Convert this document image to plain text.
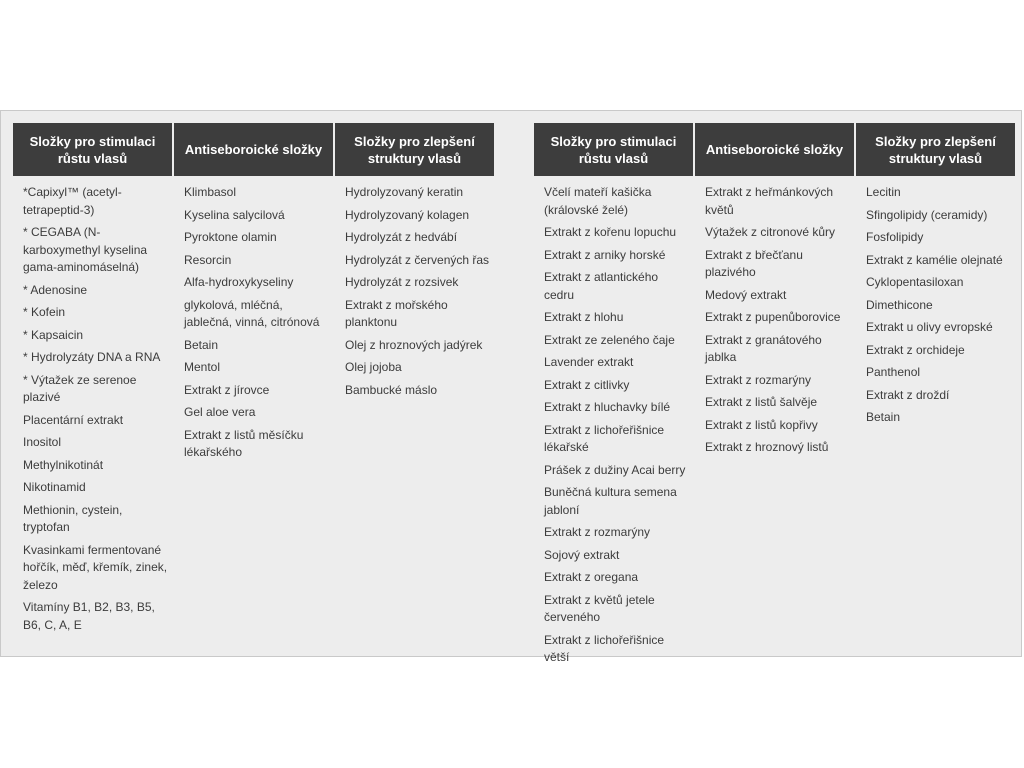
Složky pro stimulaci růstu vlasů
*Capixyl™ (acetyl-tetrapeptid-3)
* CEGABA (N-karboxymethyl kyselina gama-aminomáselná)
* Adenosine
* Kofein
* Kapsaicin
* Hydrolyzáty DNA a RNA
* Výtažek ze serenoe plazivé
Placentární extrakt
Inositol
Methylnikotinát
Nikotinamid
Methionin, cystein, tryptofan
Kvasinkami fermentované hořčík, měď, křemík, zinek, železo
Vitamíny B1, B2, B3, B5, B6, C, A, E
Antiseboroické složky
Klimbasol
Kyselina salycilová
Pyroktone olamin
Resorcin
Alfa-hydroxykyseliny
glykolová, mléčná, jablečná, vinná, citrónová
Betain
Mentol
Extrakt z jírovce
Gel aloe vera
Extrakt z listů měsíčku lékařského
Složky pro zlepšení struktury vlasů
Hydrolyzovaný keratin
Hydrolyzovaný kolagen
Hydrolyzát z hedvábí
Hydrolyzát z červených řas
Hydrolyzát z rozsivek
Extrakt z mořského planktonu
Olej z hroznových jadýrek
Olej jojoba
Bambucké máslo
Složky pro stimulaci růstu vlasů
Včelí mateří kašička (královské želé)
Extrakt z kořenu lopuchu
Extrakt z arniky horské
Extrakt z atlantického cedru
Extrakt z hlohu
Extrakt ze zeleného čaje
Lavender extrakt
Extrakt z citlivky
Extrakt z hluchavky bílé
Extrakt z lichořeřišnice lékařské
Prášek z dužiny Acai berry
Buněčná kultura semena jabloní
Extrakt z rozmarýny
Sojový extrakt
Extrakt z oregana
Extrakt z květů jetele červeného
Extrakt z lichořeřišnice větší
Antiseboroické složky
Extrakt z heřmánkových květů
Výtažek z citronové kůry
Extrakt z břečťanu plazivého
Medový extrakt
Extrakt z pupenůborovice
Extrakt z granátového jablka
Extrakt z rozmarýny
Extrakt z listů šalvěje
Extrakt z listů kopřivy
Extrakt z hroznový listů
Složky pro zlepšení struktury vlasů
Lecitin
Sfingolipidy (ceramidy)
Fosfolipidy
Extrakt z kamélie olejnaté
Cyklopentasiloxan
Dimethicone
Extrakt u olivy evropské
Extrakt z orchideje
Panthenol
Extrakt z droždí
Betain
